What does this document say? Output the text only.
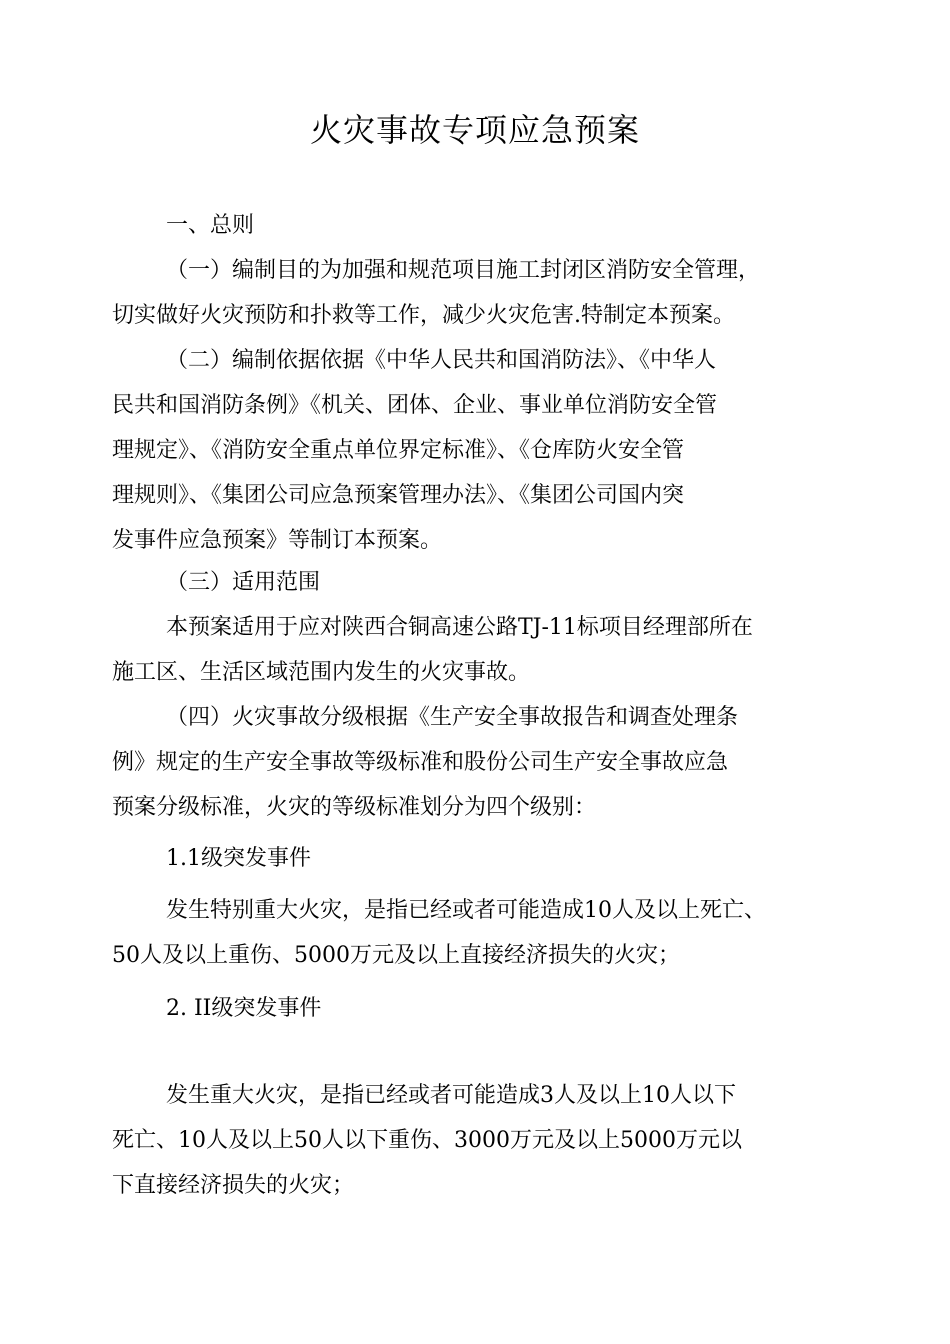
火灾事故专项应急预案

一、总则

（一）编制目的为加强和规范项目施工封闭区消防安全管理，
切实做好火灾预防和扑救等工作，减少火灾危害.特制定本预案。

（二）编制依据依据《中华人民共和国消防法》、《中华人
民共和国消防条例》《机关、团体、企业、事业单位消防安全管
理规定》、《消防安全重点单位界定标准》、《仓库防火安全管
理规则》、《集团公司应急预案管理办法》、《集团公司国内突
发事件应急预案》等制订本预案。

（三）适用范围

本预案适用于应对陕西合铜高速公路TJ-11标项目经理部所在
施工区、生活区域范围内发生的火灾事故。

（四）火灾事故分级根据《生产安全事故报告和调查处理条
例》规定的生产安全事故等级标准和股份公司生产安全事故应急
预案分级标准，火灾的等级标准划分为四个级别：

1.1级突发事件

发生特别重大火灾，是指已经或者可能造成10人及以上死亡、
50人及以上重伤、5000万元及以上直接经济损失的火灾；

2. II级突发事件

发生重大火灾，是指已经或者可能造成3人及以上10人以下
死亡、10人及以上50人以下重伤、3000万元及以上5000万元以
下直接经济损失的火灾；
